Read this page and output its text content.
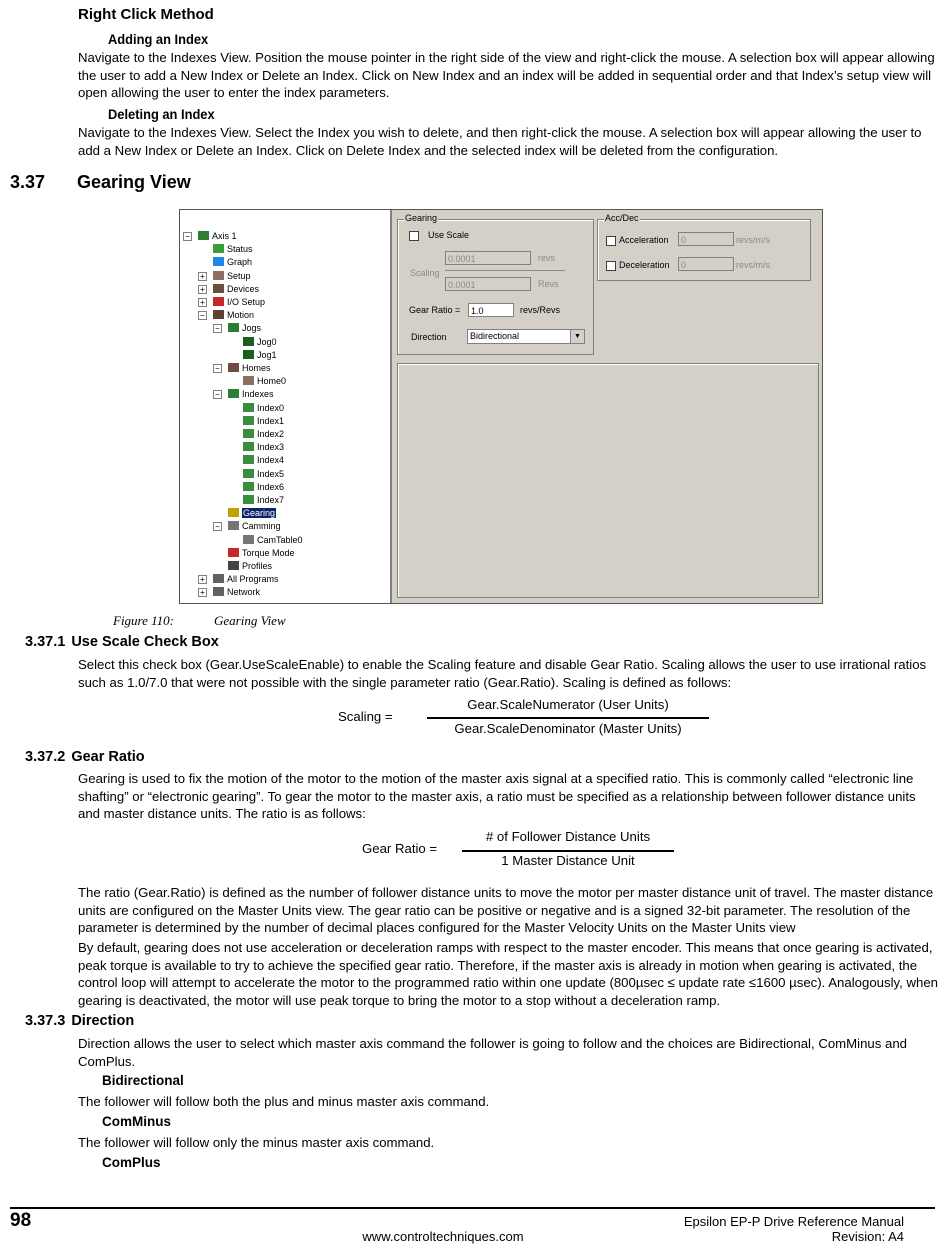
Right Click Method
Adding an Index
Navigate to the Indexes View. Position the mouse pointer in the right side of the view and right-click the mouse. A selection box will appear allowing the user to add a New Index or Delete an Index. Click on New Index and an index will be added in sequential order and that Index’s setup view will open allowing the user to enter the index parameters.
Deleting an Index
Navigate to the Indexes View. Select the Index you wish to delete, and then right-click the mouse. A selection box will appear allowing the user to add a New Index or Delete an Index. Click on Delete Index and the selected index will be deleted from the configuration.
3.37 Gearing View
Axis 1
−
Status
Graph
Setup
+
Devices
+
I/O Setup
+
Motion
−
Jogs
−
Jog0
Jog1
Homes
−
Home0
Indexes
−
Index0
Index1
Index2
Index3
Index4
Index5
Index6
Index7
Gearing
Camming
−
CamTable0
Torque Mode
Profiles
All Programs
+
Network
+
Gearing
Use Scale
0.0001	revs
Scaling
0.0001	Revs
Gear Ratio =	1.0	revs/Revs
Direction	Bidirectional	▼
Acc/Dec
Acceleration	0	revs/m/s
Deceleration	0	revs/m/s
Figure 110:	Gearing View
3.37.1 Use Scale Check Box
Select this check box (Gear.UseScaleEnable) to enable the Scaling feature and disable Gear Ratio. Scaling allows the user to use irrational ratios such as 1.0/7.0 that were not possible with the single parameter ratio (Gear.Ratio). Scaling is defined as follows:
Scaling =
Gear.ScaleNumerator (User Units)
Gear.ScaleDenominator (Master Units)
3.37.2 Gear Ratio
Gearing is used to fix the motion of the motor to the motion of the master axis signal at a specified ratio. This is commonly called “electronic line shafting” or “electronic gearing”. To gear the motor to the master axis, a ratio must be specified as a relationship between follower distance units and master distance units. The ratio is as follows:
Gear Ratio =
# of Follower Distance Units
1 Master Distance Unit
The ratio (Gear.Ratio) is defined as the number of follower distance units to move the motor per master distance unit of travel. The master distance units are configured on the Master Units view. The gear ratio can be positive or negative and is a signed 32-bit parameter. The resolution of the parameter is determined by the number of decimal places configured for the Master Velocity Units on the Master Units view
By default, gearing does not use acceleration or deceleration ramps with respect to the master encoder. This means that once gearing is activated, peak torque is available to try to achieve the specified gear ratio. Therefore, if the master axis is already in motion when gearing is activated, the control loop will attempt to accelerate the motor to the programmed ratio within one update (800µsec ≤ update rate ≤1600 µsec). Analogously, when gearing is deactivated, the motor will use peak torque to bring the motor to a stop without a deceleration ramp.
3.37.3 Direction
Direction allows the user to select which master axis command the follower is going to follow and the choices are Bidirectional, ComMinus and ComPlus.
Bidirectional
The follower will follow both the plus and minus master axis command.
ComMinus
The follower will follow only the minus master axis command.
ComPlus
98	Epsilon EP-P Drive Reference Manual
www.controltechniques.com	Revision: A4
